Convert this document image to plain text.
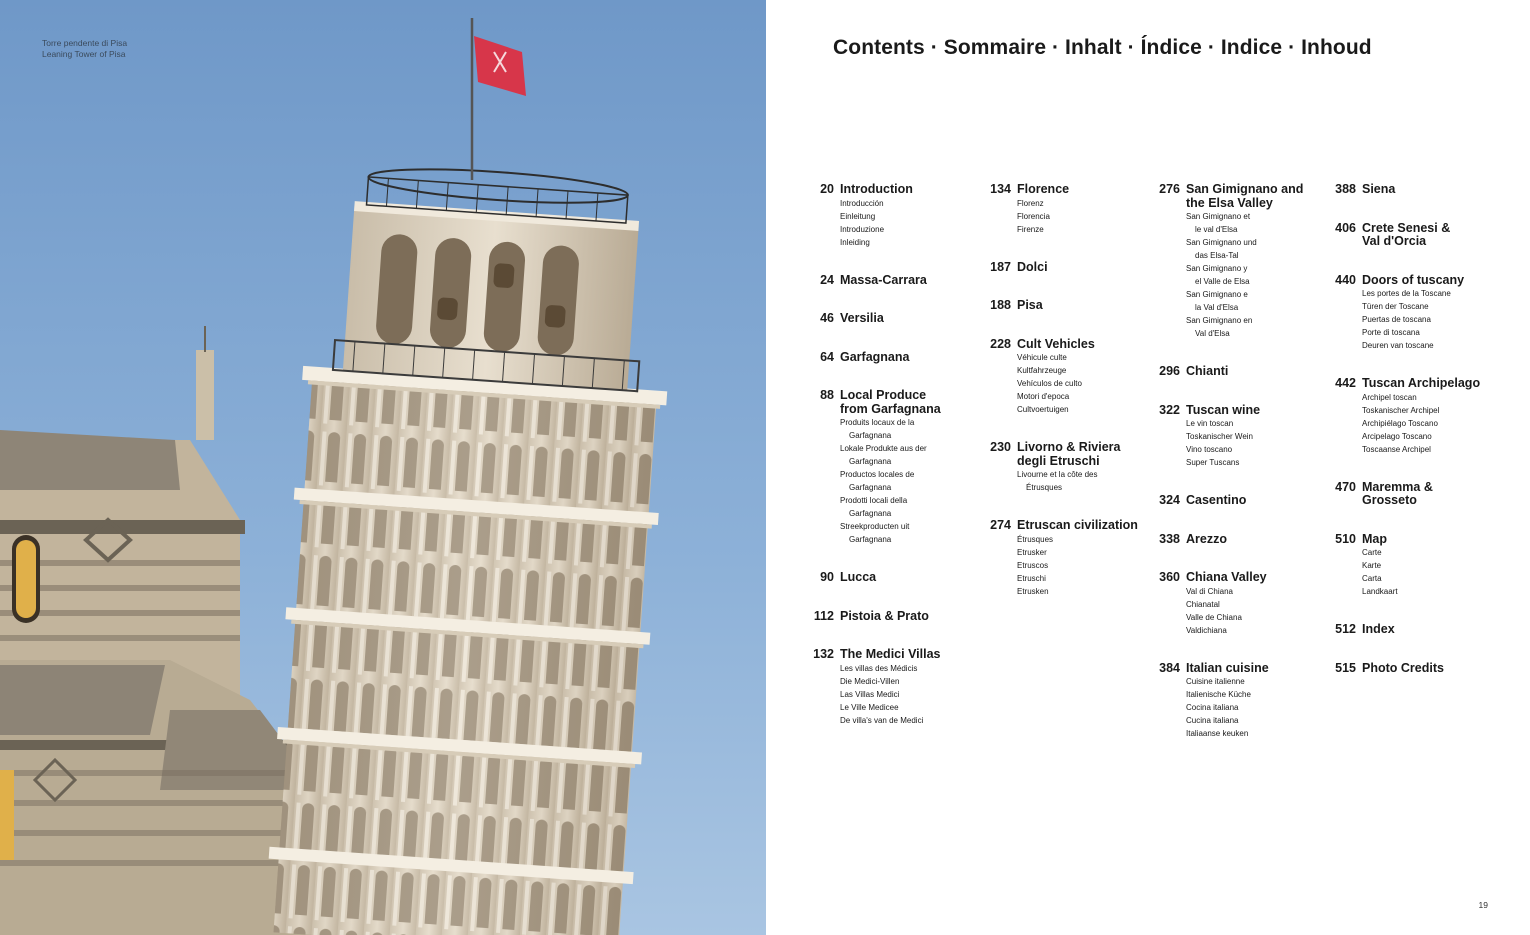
Torre pendente di Pisa
Leaning Tower of Pisa	Contents · Sommaire · Inhalt · Índice · Indice · Inhoud
20 Introduction
Introducción
Einleitung
Introduzione
Inleiding
24 Massa-Carrara
46 Versilia
64 Garfagnana
88 Local Produce
from Garfagnana
Produits locaux de la
Garfagnana
Lokale Produkte aus der
Garfagnana
Productos locales de
Garfagnana
Prodotti locali della
Garfagnana
Streekproducten uit
Garfagnana
90 Lucca
112 Pistoia & Prato
132 The Medici Villas
Les villas des Médicis
Die Medici-Villen
Las Villas Medici
Le Ville Medicee
De villa's van de Medici
134 Florence
Florenz
Florencia
Firenze
187 Dolci
188 Pisa
228 Cult Vehicles
Véhicule culte
Kultfahrzeuge
Vehículos de culto
Motori d'epoca
Cultvoertuigen
230 Livorno & Riviera
degli Etruschi
Livourne et la côte des
Étrusques
274 Etruscan civilization
Étrusques
Etrusker
Etruscos
Etruschi
Etrusken
276 San Gimignano and
the Elsa Valley
San Gimignano et
le val d'Elsa
San Gimignano und
das Elsa-Tal
San Gimignano y
el Valle de Elsa
San Gimignano e
la Val d'Elsa
San Gimignano en
Val d'Elsa
296 Chianti
322 Tuscan wine
Le vin toscan
Toskanischer Wein
Vino toscano
Super Tuscans
324 Casentino
338 Arezzo
360 Chiana Valley
Val di Chiana
Chianatal
Valle de Chiana
Valdichiana
384 Italian cuisine
Cuisine italienne
Italienische Küche
Cocina italiana
Cucina italiana
Italiaanse keuken
388 Siena
406 Crete Senesi &
Val d'Orcia
440 Doors of tuscany
Les portes de la Toscane
Türen der Toscane
Puertas de toscana
Porte di toscana
Deuren van toscane
442 Tuscan Archipelago
Archipel toscan
Toskanischer Archipel
Archipiélago Toscano
Arcipelago Toscano
Toscaanse Archipel
470 Maremma &
Grosseto
510 Map
Carte
Karte
Carta
Landkaart
512 Index
515 Photo Credits
19
